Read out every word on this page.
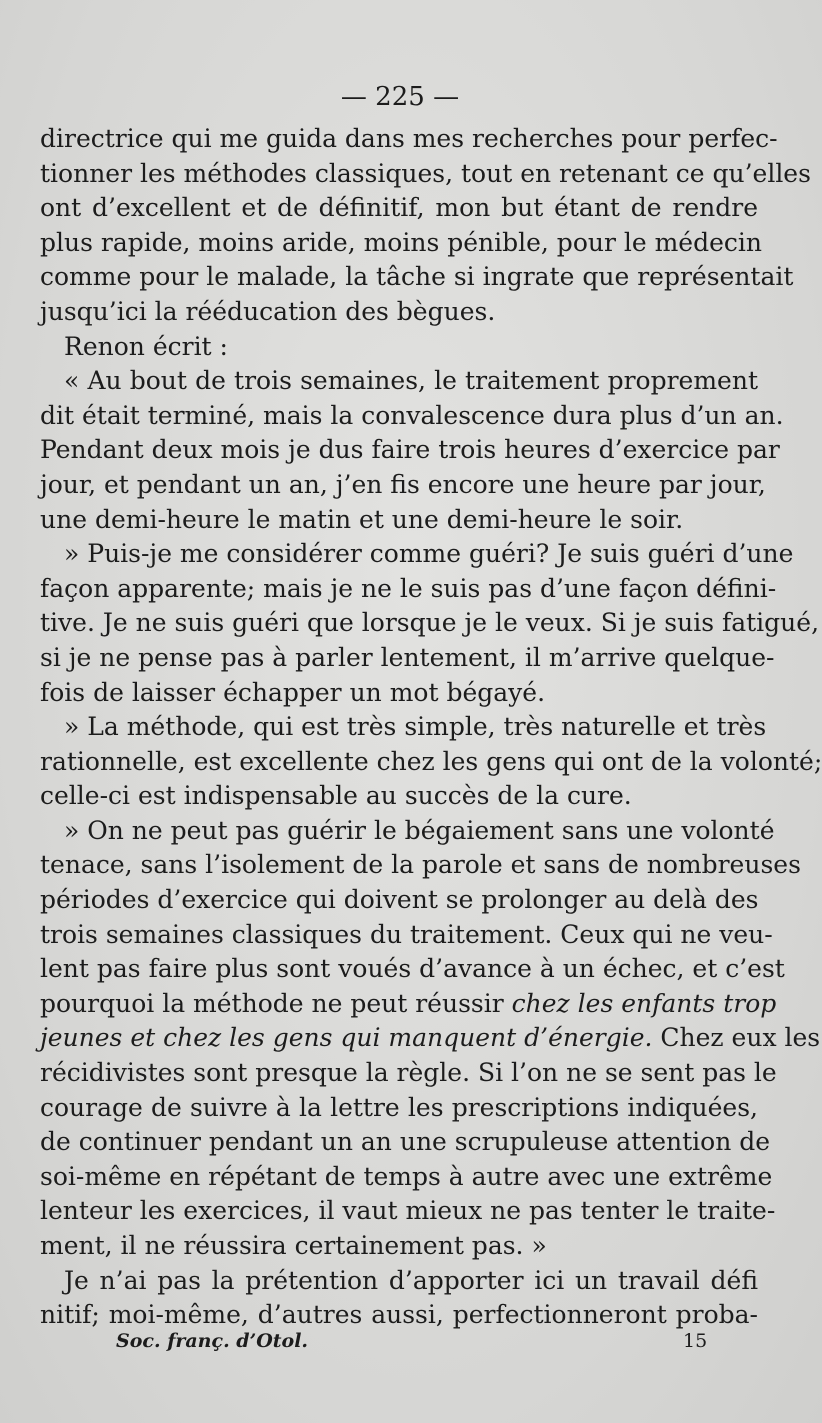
— 225 —

directrice qui me guida dans mes recherches pour perfec-
tionner les méthodes classiques, tout en retenant ce qu’elles
ont d’excellent et de définitif, mon but étant de rendre
plus rapide, moins aride, moins pénible, pour le médecin
comme pour le malade, la tâche si ingrate que représentait
jusqu’ici la rééducation des bègues.
Renon écrit :
« Au bout de trois semaines, le traitement proprement
dit était terminé, mais la convalescence dura plus d’un an.
Pendant deux mois je dus faire trois heures d’exercice par
jour, et pendant un an, j’en fis encore une heure par jour,
une demi-heure le matin et une demi-heure le soir.
» Puis-je me considérer comme guéri? Je suis guéri d’une
façon apparente; mais je ne le suis pas d’une façon défini-
tive. Je ne suis guéri que lorsque je le veux. Si je suis fatigué,
si je ne pense pas à parler lentement, il m’arrive quelque-
fois de laisser échapper un mot bégayé.
» La méthode, qui est très simple, très naturelle et très
rationnelle, est excellente chez les gens qui ont de la volonté;
celle-ci est indispensable au succès de la cure.
» On ne peut pas guérir le bégaiement sans une volonté
tenace, sans l’isolement de la parole et sans de nombreuses
périodes d’exercice qui doivent se prolonger au delà des
trois semaines classiques du traitement. Ceux qui ne veu-
lent pas faire plus sont voués d’avance à un échec, et c’est
pourquoi la méthode ne peut réussir chez les enfants trop
jeunes et chez les gens qui manquent d’énergie. Chez eux les
récidivistes sont presque la règle. Si l’on ne se sent pas le
courage de suivre à la lettre les prescriptions indiquées,
de continuer pendant un an une scrupuleuse attention de
soi-même en répétant de temps à autre avec une extrême
lenteur les exercices, il vaut mieux ne pas tenter le traite-
ment, il ne réussira certainement pas. »
Je n’ai pas la prétention d’apporter ici un travail défi
nitif; moi-même, d’autres aussi, perfectionneront proba-

Soc. franç. d’Otol.	15
